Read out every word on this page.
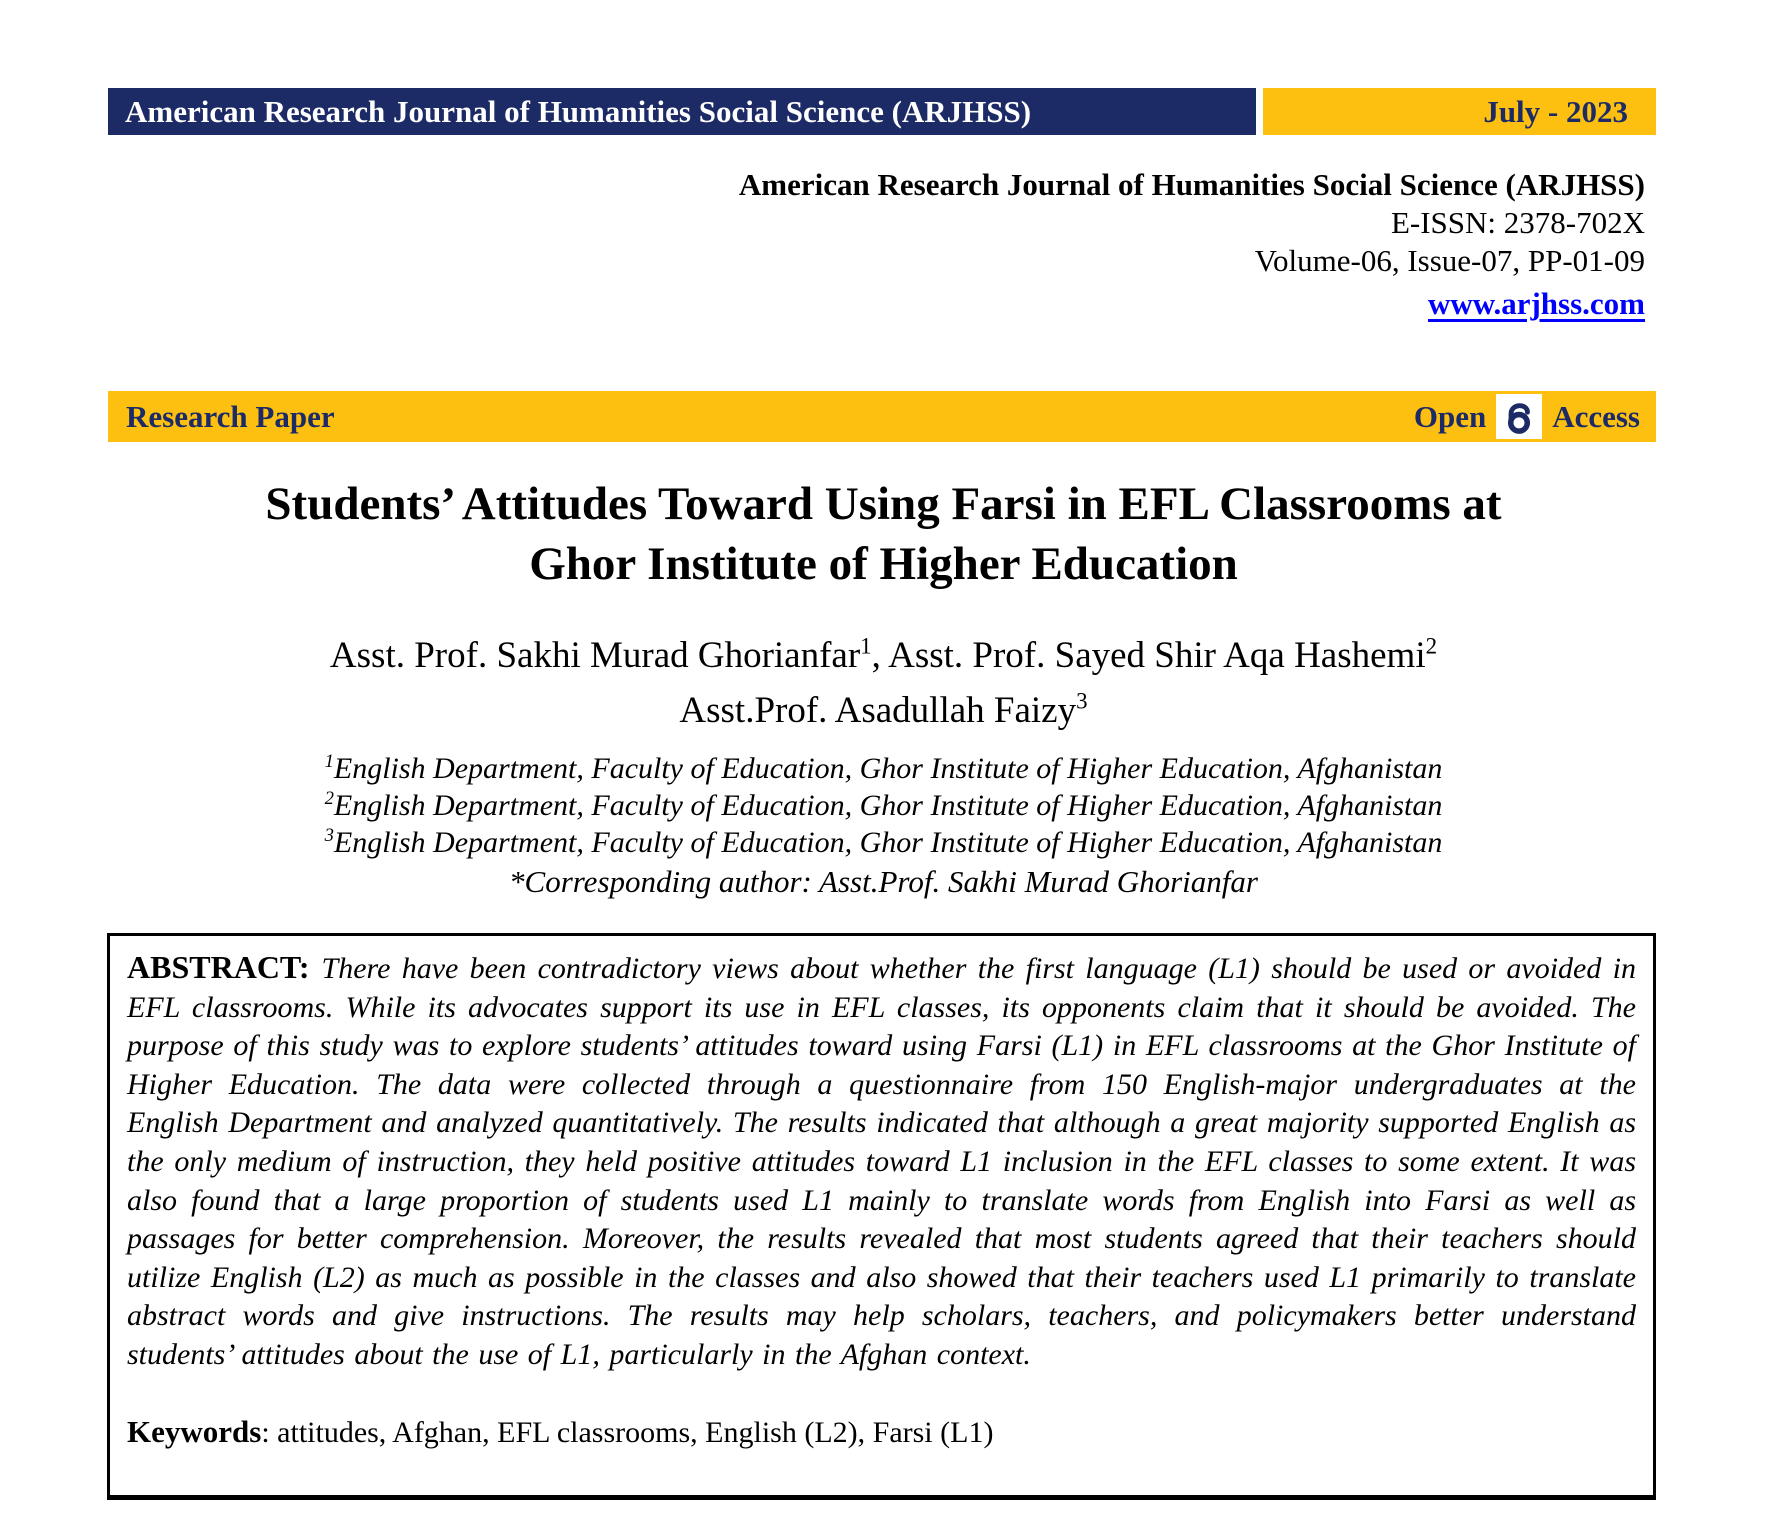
American Research Journal of Humanities Social Science (ARJHSS)	July - 2023
American Research Journal of Humanities Social Science (ARJHSS)
E-ISSN: 2378-702X
Volume-06, Issue-07, PP-01-09
www.arjhss.com
Research Paper	Open Access
Students’ Attitudes Toward Using Farsi in EFL Classrooms at
Ghor Institute of Higher Education
Asst. Prof. Sakhi Murad Ghorianfar$^1$, Asst. Prof. Sayed Shir Aqa Hashemi$^2$
Asst.Prof. Asadullah Faizy$^3$
$^1$English Department, Faculty of Education, Ghor Institute of Higher Education, Afghanistan
$^2$English Department, Faculty of Education, Ghor Institute of Higher Education, Afghanistan
$^3$English Department, Faculty of Education, Ghor Institute of Higher Education, Afghanistan
*Corresponding author: Asst.Prof. Sakhi Murad Ghorianfar

ABSTRACT: There have been contradictory views about whether the first language (L1) should be used or avoided in EFL classrooms. While its advocates support its use in EFL classes, its opponents claim that it should be avoided. The purpose of this study was to explore students’ attitudes toward using Farsi (L1) in EFL classrooms at the Ghor Institute of Higher Education. The data were collected through a questionnaire from 150 English-major undergraduates at the English Department and analyzed quantitatively. The results indicated that although a great majority supported English as the only medium of instruction, they held positive attitudes toward L1 inclusion in the EFL classes to some extent. It was also found that a large proportion of students used L1 mainly to translate words from English into Farsi as well as passages for better comprehension. Moreover, the results revealed that most students agreed that their teachers should utilize English (L2) as much as possible in the classes and also showed that their teachers used L1 primarily to translate abstract words and give instructions. The results may help scholars, teachers, and policymakers better understand students’ attitudes about the use of L1, particularly in the Afghan context.

Keywords: attitudes, Afghan, EFL classrooms, English (L2), Farsi (L1)
